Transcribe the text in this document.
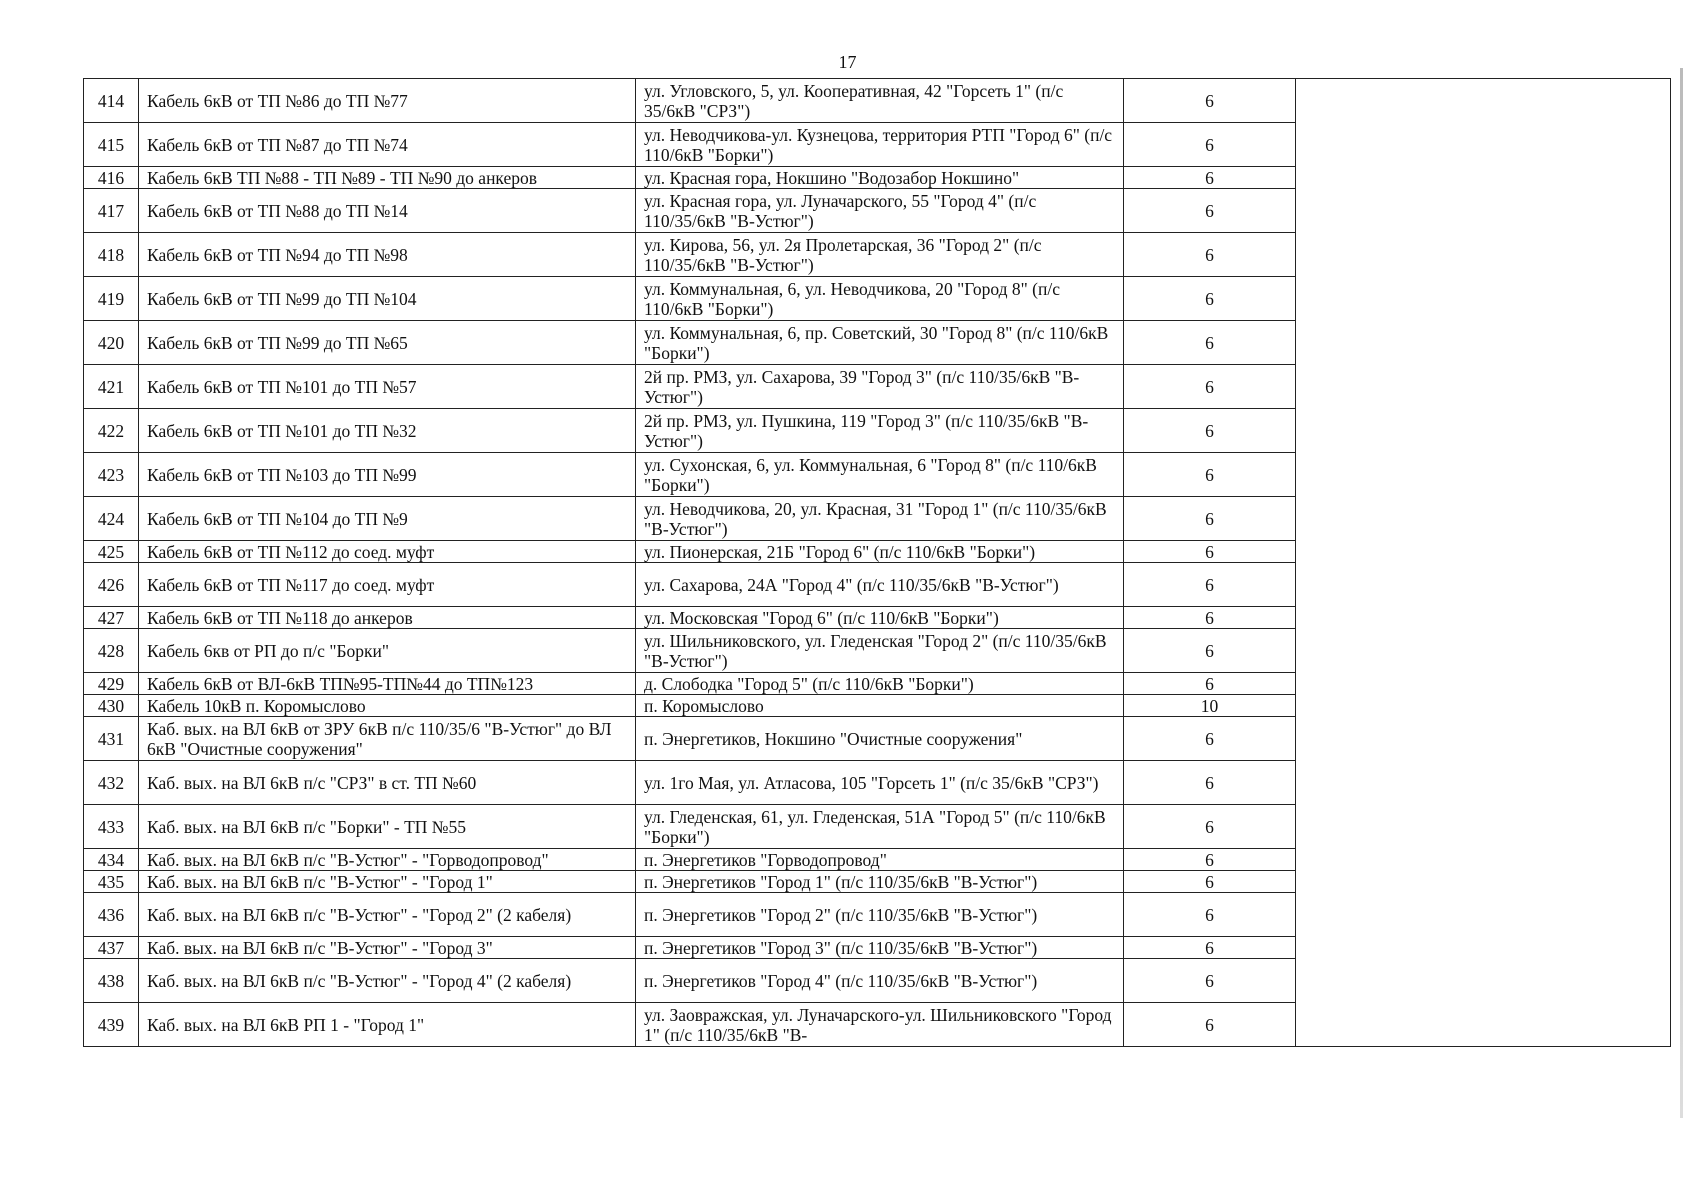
17
414	Кабель 6кВ от ТП №86 до ТП №77	ул. Угловского, 5, ул. Кооперативная, 42 "Горсеть 1" (п/с 35/6кВ "СРЗ")	6	
415	Кабель 6кВ от ТП №87 до ТП №74	ул. Неводчикова-ул. Кузнецова, территория РТП "Город 6" (п/с 110/6кВ "Борки")	6	
416	Кабель 6кВ ТП №88 - ТП №89 - ТП №90 до анкеров	ул. Красная гора, Нокшино "Водозабор Нокшино"	6	
417	Кабель 6кВ от ТП №88 до ТП №14	ул. Красная гора, ул. Луначарского, 55 "Город 4" (п/с 110/35/6кВ "В-Устюг")	6	
418	Кабель 6кВ от ТП №94 до ТП №98	ул. Кирова, 56, ул. 2я Пролетарская, 36 "Город 2" (п/с 110/35/6кВ "В-Устюг")	6	
419	Кабель 6кВ от ТП №99 до ТП №104	ул. Коммунальная, 6, ул. Неводчикова, 20 "Город 8" (п/с 110/6кВ "Борки")	6	
420	Кабель 6кВ от ТП №99 до ТП №65	ул. Коммунальная, 6, пр. Советский, 30 "Город 8" (п/с 110/6кВ "Борки")	6	
421	Кабель 6кВ от ТП №101 до ТП №57	2й пр. РМЗ, ул. Сахарова, 39 "Город 3" (п/с 110/35/6кВ "В-Устюг")	6	
422	Кабель 6кВ от ТП №101 до ТП №32	2й пр. РМЗ, ул. Пушкина, 119 "Город 3" (п/с 110/35/6кВ "В-Устюг")	6	
423	Кабель 6кВ от ТП №103 до ТП №99	ул. Сухонская, 6, ул. Коммунальная, 6 "Город 8" (п/с 110/6кВ "Борки")	6	
424	Кабель 6кВ от ТП №104 до ТП №9	ул. Неводчикова, 20, ул. Красная, 31 "Город 1" (п/с 110/35/6кВ "В-Устюг")	6	
425	Кабель 6кВ от ТП №112 до соед. муфт	ул. Пионерская, 21Б "Город 6" (п/с 110/6кВ "Борки")	6	
426	Кабель 6кВ от ТП №117 до соед. муфт	ул. Сахарова, 24А "Город 4" (п/с 110/35/6кВ "В-Устюг")	6	
427	Кабель 6кВ от ТП №118 до анкеров	ул. Московская "Город 6" (п/с 110/6кВ "Борки")	6	
428	Кабель 6кв от РП до п/с "Борки"	ул. Шильниковского, ул. Гледенская "Город 2" (п/с 110/35/6кВ "В-Устюг")	6	
429	Кабель 6кВ от ВЛ-6кВ ТП№95-ТП№44 до ТП№123	д. Слободка "Город 5" (п/с 110/6кВ "Борки")	6	
430	Кабель 10кВ п. Коромыслово	п. Коромыслово	10	
431	Каб. вых. на ВЛ 6кВ от ЗРУ 6кВ п/с 110/35/6 "В-Устюг" до ВЛ 6кВ "Очистные сооружения"	п. Энергетиков, Нокшино "Очистные сооружения"	6	
432	Каб. вых. на ВЛ 6кВ п/с "СРЗ" в ст. ТП №60	ул. 1го Мая, ул. Атласова, 105 "Горсеть 1" (п/с 35/6кВ "СРЗ")	6	
433	Каб. вых. на ВЛ 6кВ п/с "Борки" - ТП №55	ул. Гледенская, 61, ул. Гледенская, 51А "Город 5" (п/с 110/6кВ "Борки")	6	
434	Каб. вых. на ВЛ 6кВ п/с "В-Устюг" - "Горводопровод"	п. Энергетиков "Горводопровод"	6	
435	Каб. вых. на ВЛ 6кВ п/с "В-Устюг" - "Город 1"	п. Энергетиков "Город 1" (п/с 110/35/6кВ "В-Устюг")	6	
436	Каб. вых. на ВЛ 6кВ п/с "В-Устюг" - "Город 2" (2 кабеля)	п. Энергетиков "Город 2" (п/с 110/35/6кВ "В-Устюг")	6	
437	Каб. вых. на ВЛ 6кВ п/с "В-Устюг" - "Город 3"	п. Энергетиков "Город 3" (п/с 110/35/6кВ "В-Устюг")	6	
438	Каб. вых. на ВЛ 6кВ п/с "В-Устюг" - "Город 4" (2 кабеля)	п. Энергетиков "Город 4" (п/с 110/35/6кВ "В-Устюг")	6	
439	Каб. вых. на ВЛ 6кВ РП 1 - "Город 1"	ул. Заовражская, ул. Луначарского-ул. Шильниковского "Город 1" (п/с 110/35/6кВ "В-	6	
